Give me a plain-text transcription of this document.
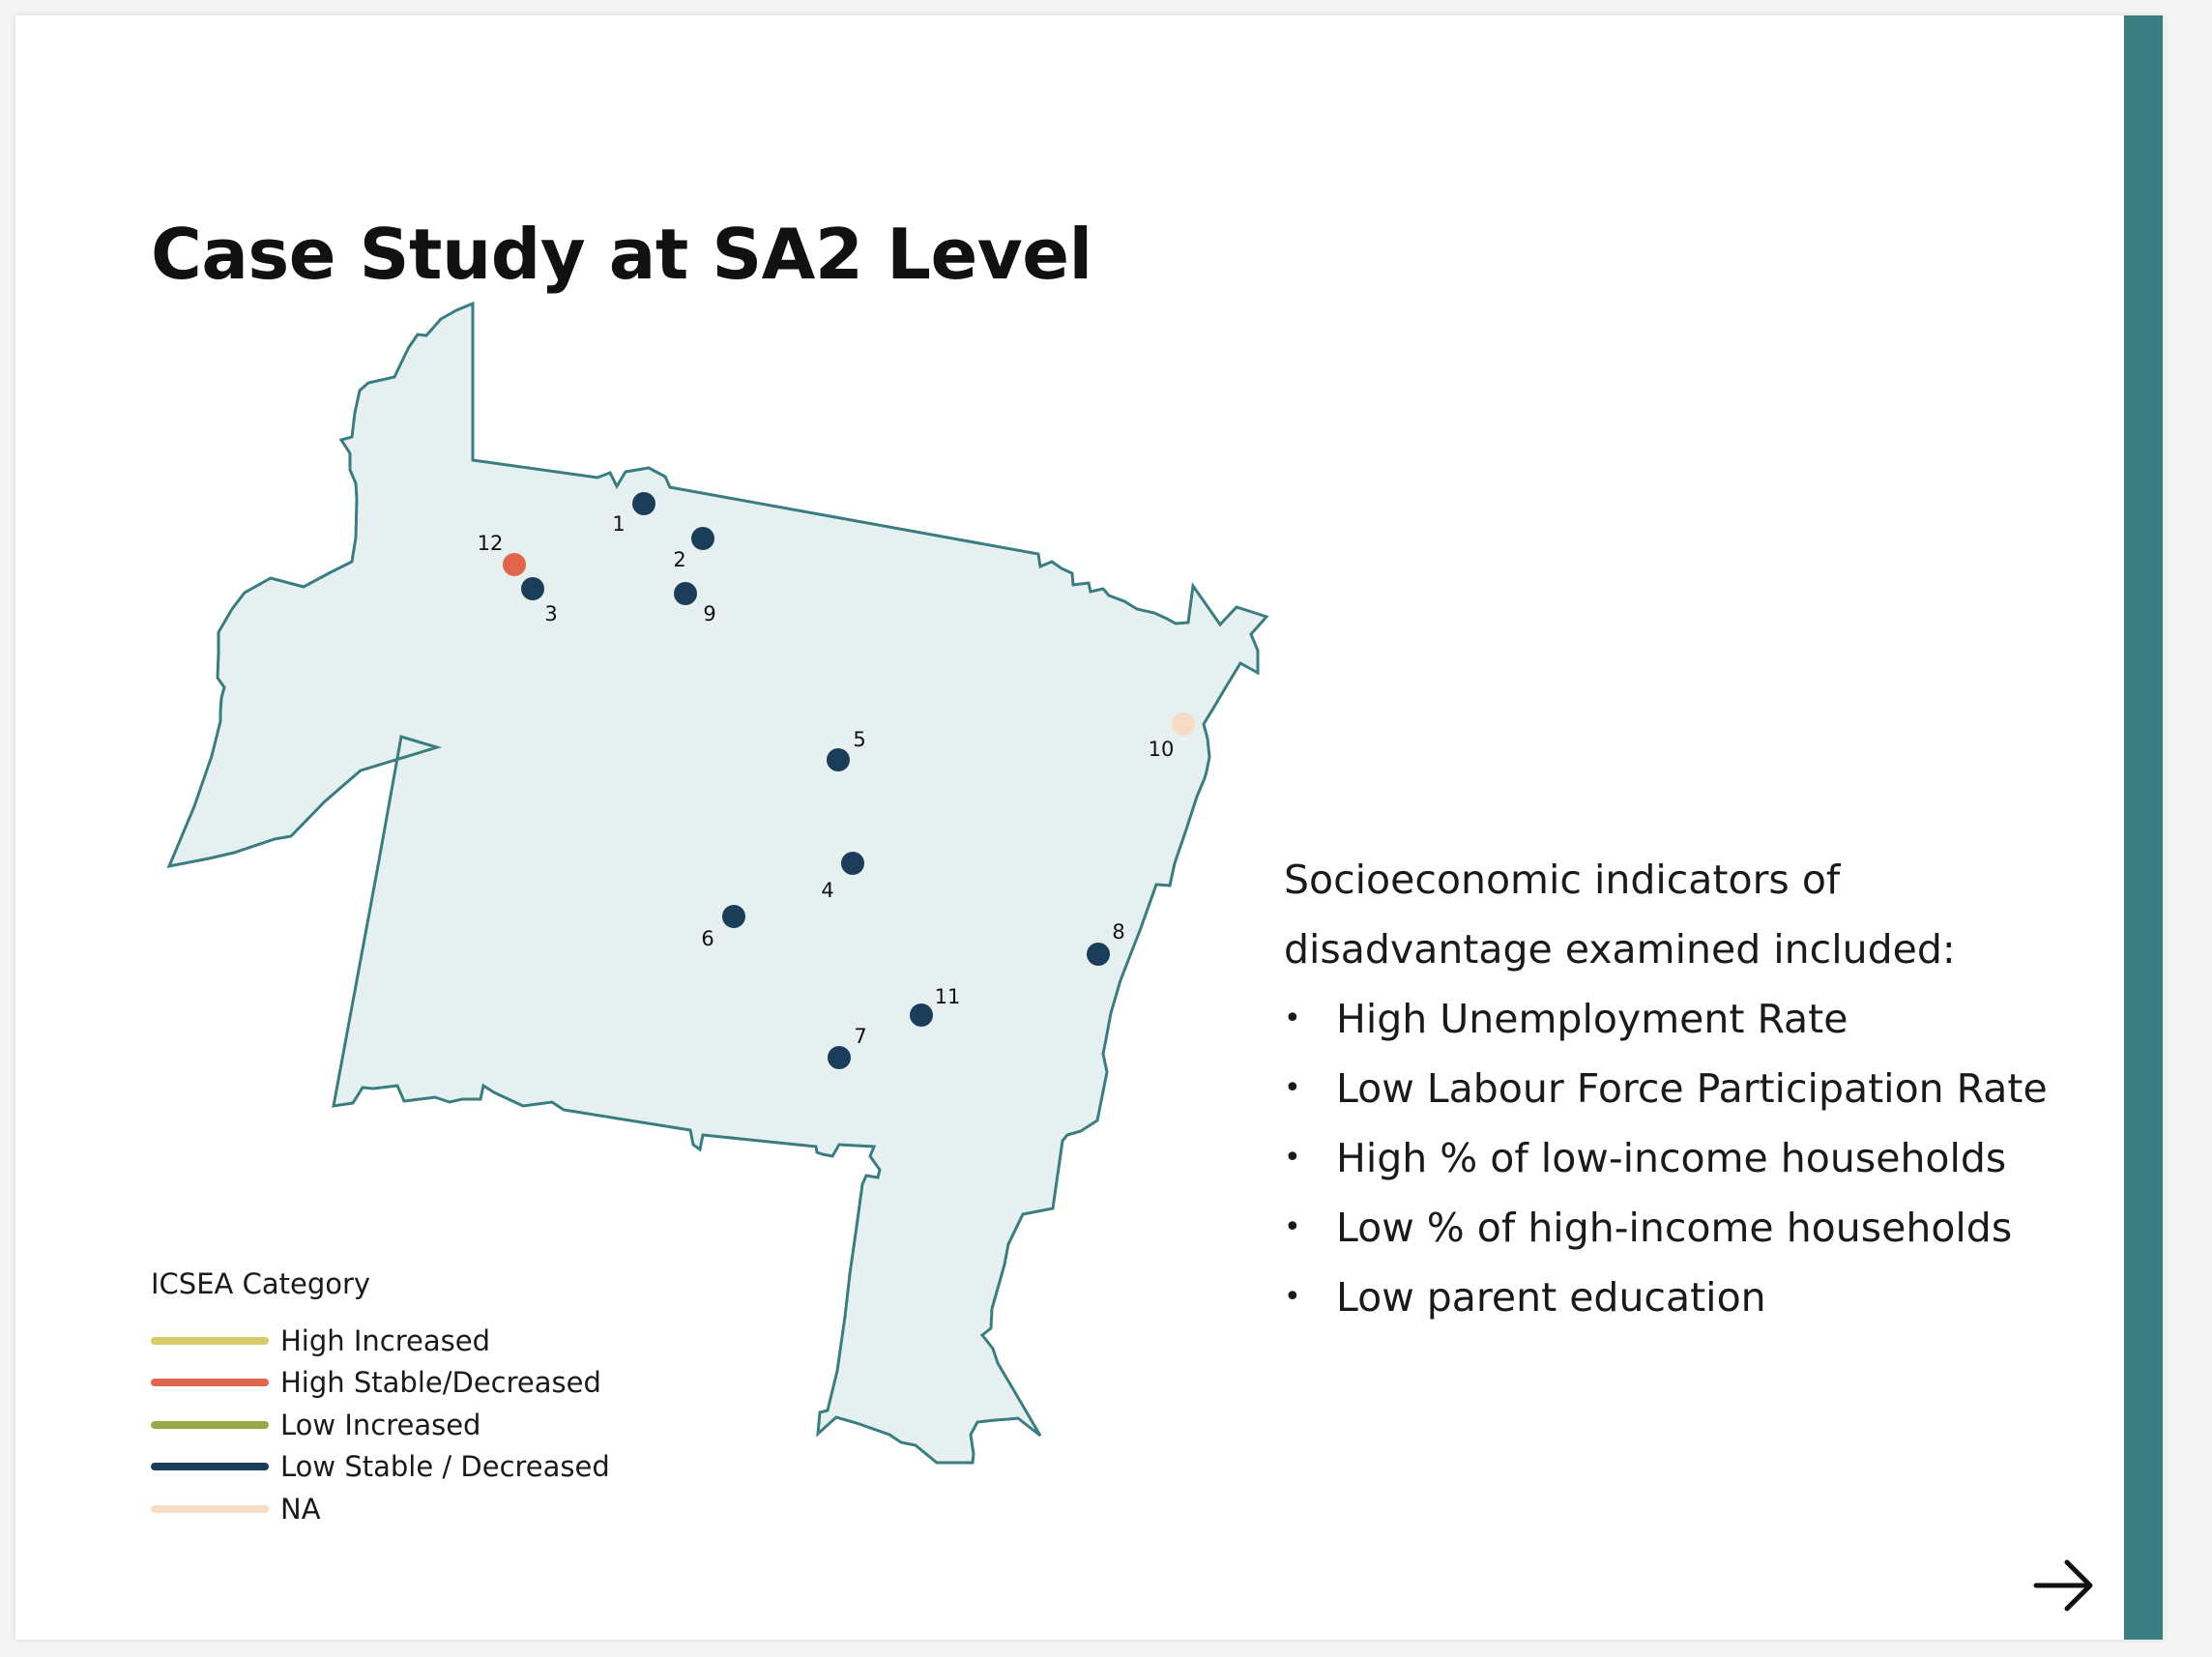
Case Study at SA2 Level
1
2
3
4
5
6
7
8
9
10
11
12

Socioeconomic indicators of

disadvantage examined included:

• High Unemployment Rate
• Low Labour Force Participation Rate
• High % of low-income households
• Low % of high-income households
• Low parent education
ICSEA Category
High Increased
High Stable/Decreased
Low Increased
Low Stable / Decreased
NA
